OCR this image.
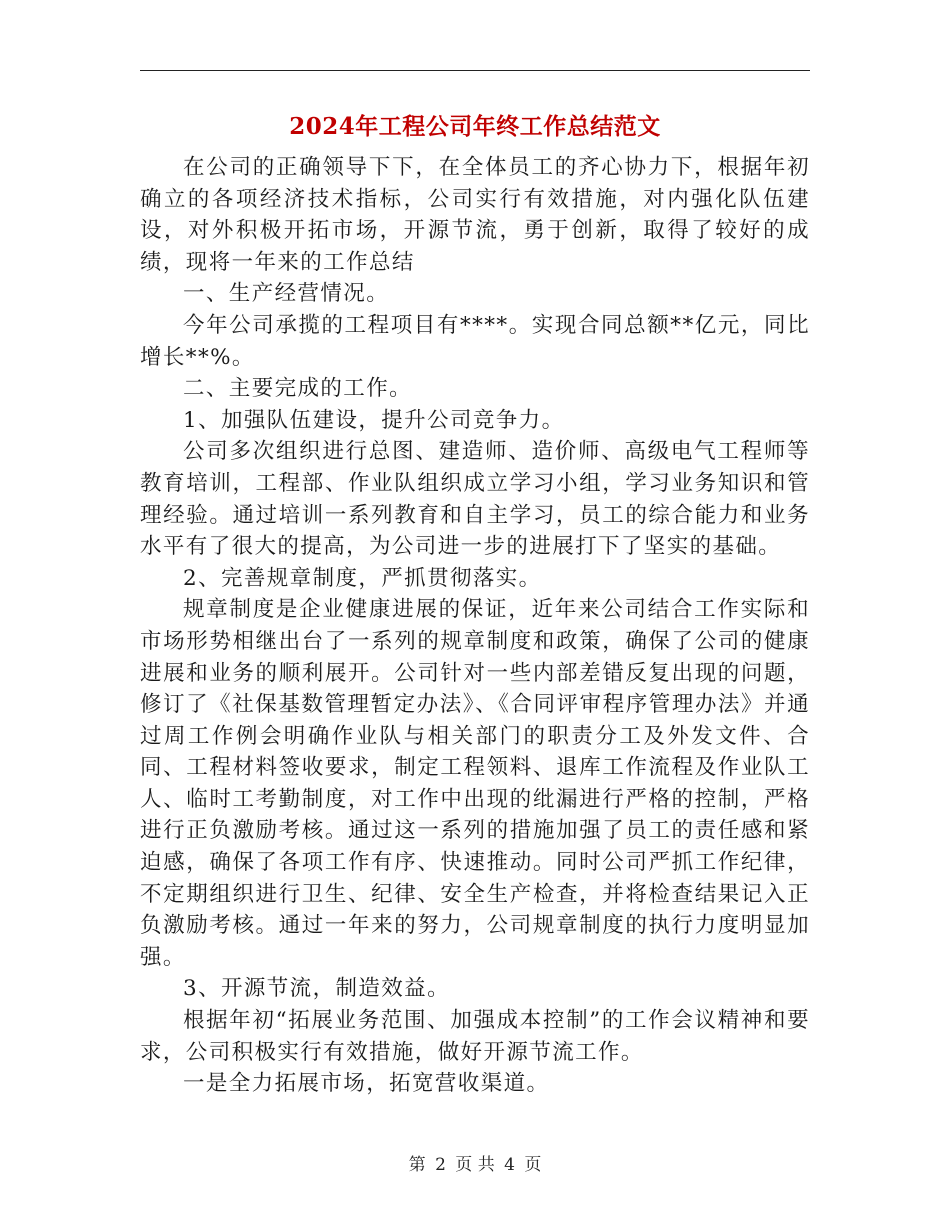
2024年工程公司年终工作总结范文

在公司的正确领导下下，在全体员工的齐心协力下，根据年初确立的各项经济技术指标，公司实行有效措施，对内强化队伍建设，对外积极开拓市场，开源节流，勇于创新，取得了较好的成绩，现将一年来的工作总结

一、生产经营情况。

今年公司承揽的工程项目有****。实现合同总额**亿元，同比增长**%。

二、主要完成的工作。

1、加强队伍建设，提升公司竞争力。

公司多次组织进行总图、建造师、造价师、高级电气工程师等教育培训，工程部、作业队组织成立学习小组，学习业务知识和管理经验。通过培训一系列教育和自主学习，员工的综合能力和业务水平有了很大的提高，为公司进一步的进展打下了坚实的基础。

2、完善规章制度，严抓贯彻落实。

规章制度是企业健康进展的保证，近年来公司结合工作实际和市场形势相继出台了一系列的规章制度和政策，确保了公司的健康进展和业务的顺利展开。公司针对一些内部差错反复出现的问题，修订了《社保基数管理暂定办法》、《合同评审程序管理办法》并通过周工作例会明确作业队与相关部门的职责分工及外发文件、合同、工程材料签收要求，制定工程领料、退库工作流程及作业队工人、临时工考勤制度，对工作中出现的纰漏进行严格的控制，严格进行正负激励考核。通过这一系列的措施加强了员工的责任感和紧迫感，确保了各项工作有序、快速推动。同时公司严抓工作纪律，不定期组织进行卫生、纪律、安全生产检查，并将检查结果记入正负激励考核。通过一年来的努力，公司规章制度的执行力度明显加强。

3、开源节流，制造效益。

根据年初“拓展业务范围、加强成本控制”的工作会议精神和要求，公司积极实行有效措施，做好开源节流工作。

一是全力拓展市场，拓宽营收渠道。

第 2 页 共 4 页
